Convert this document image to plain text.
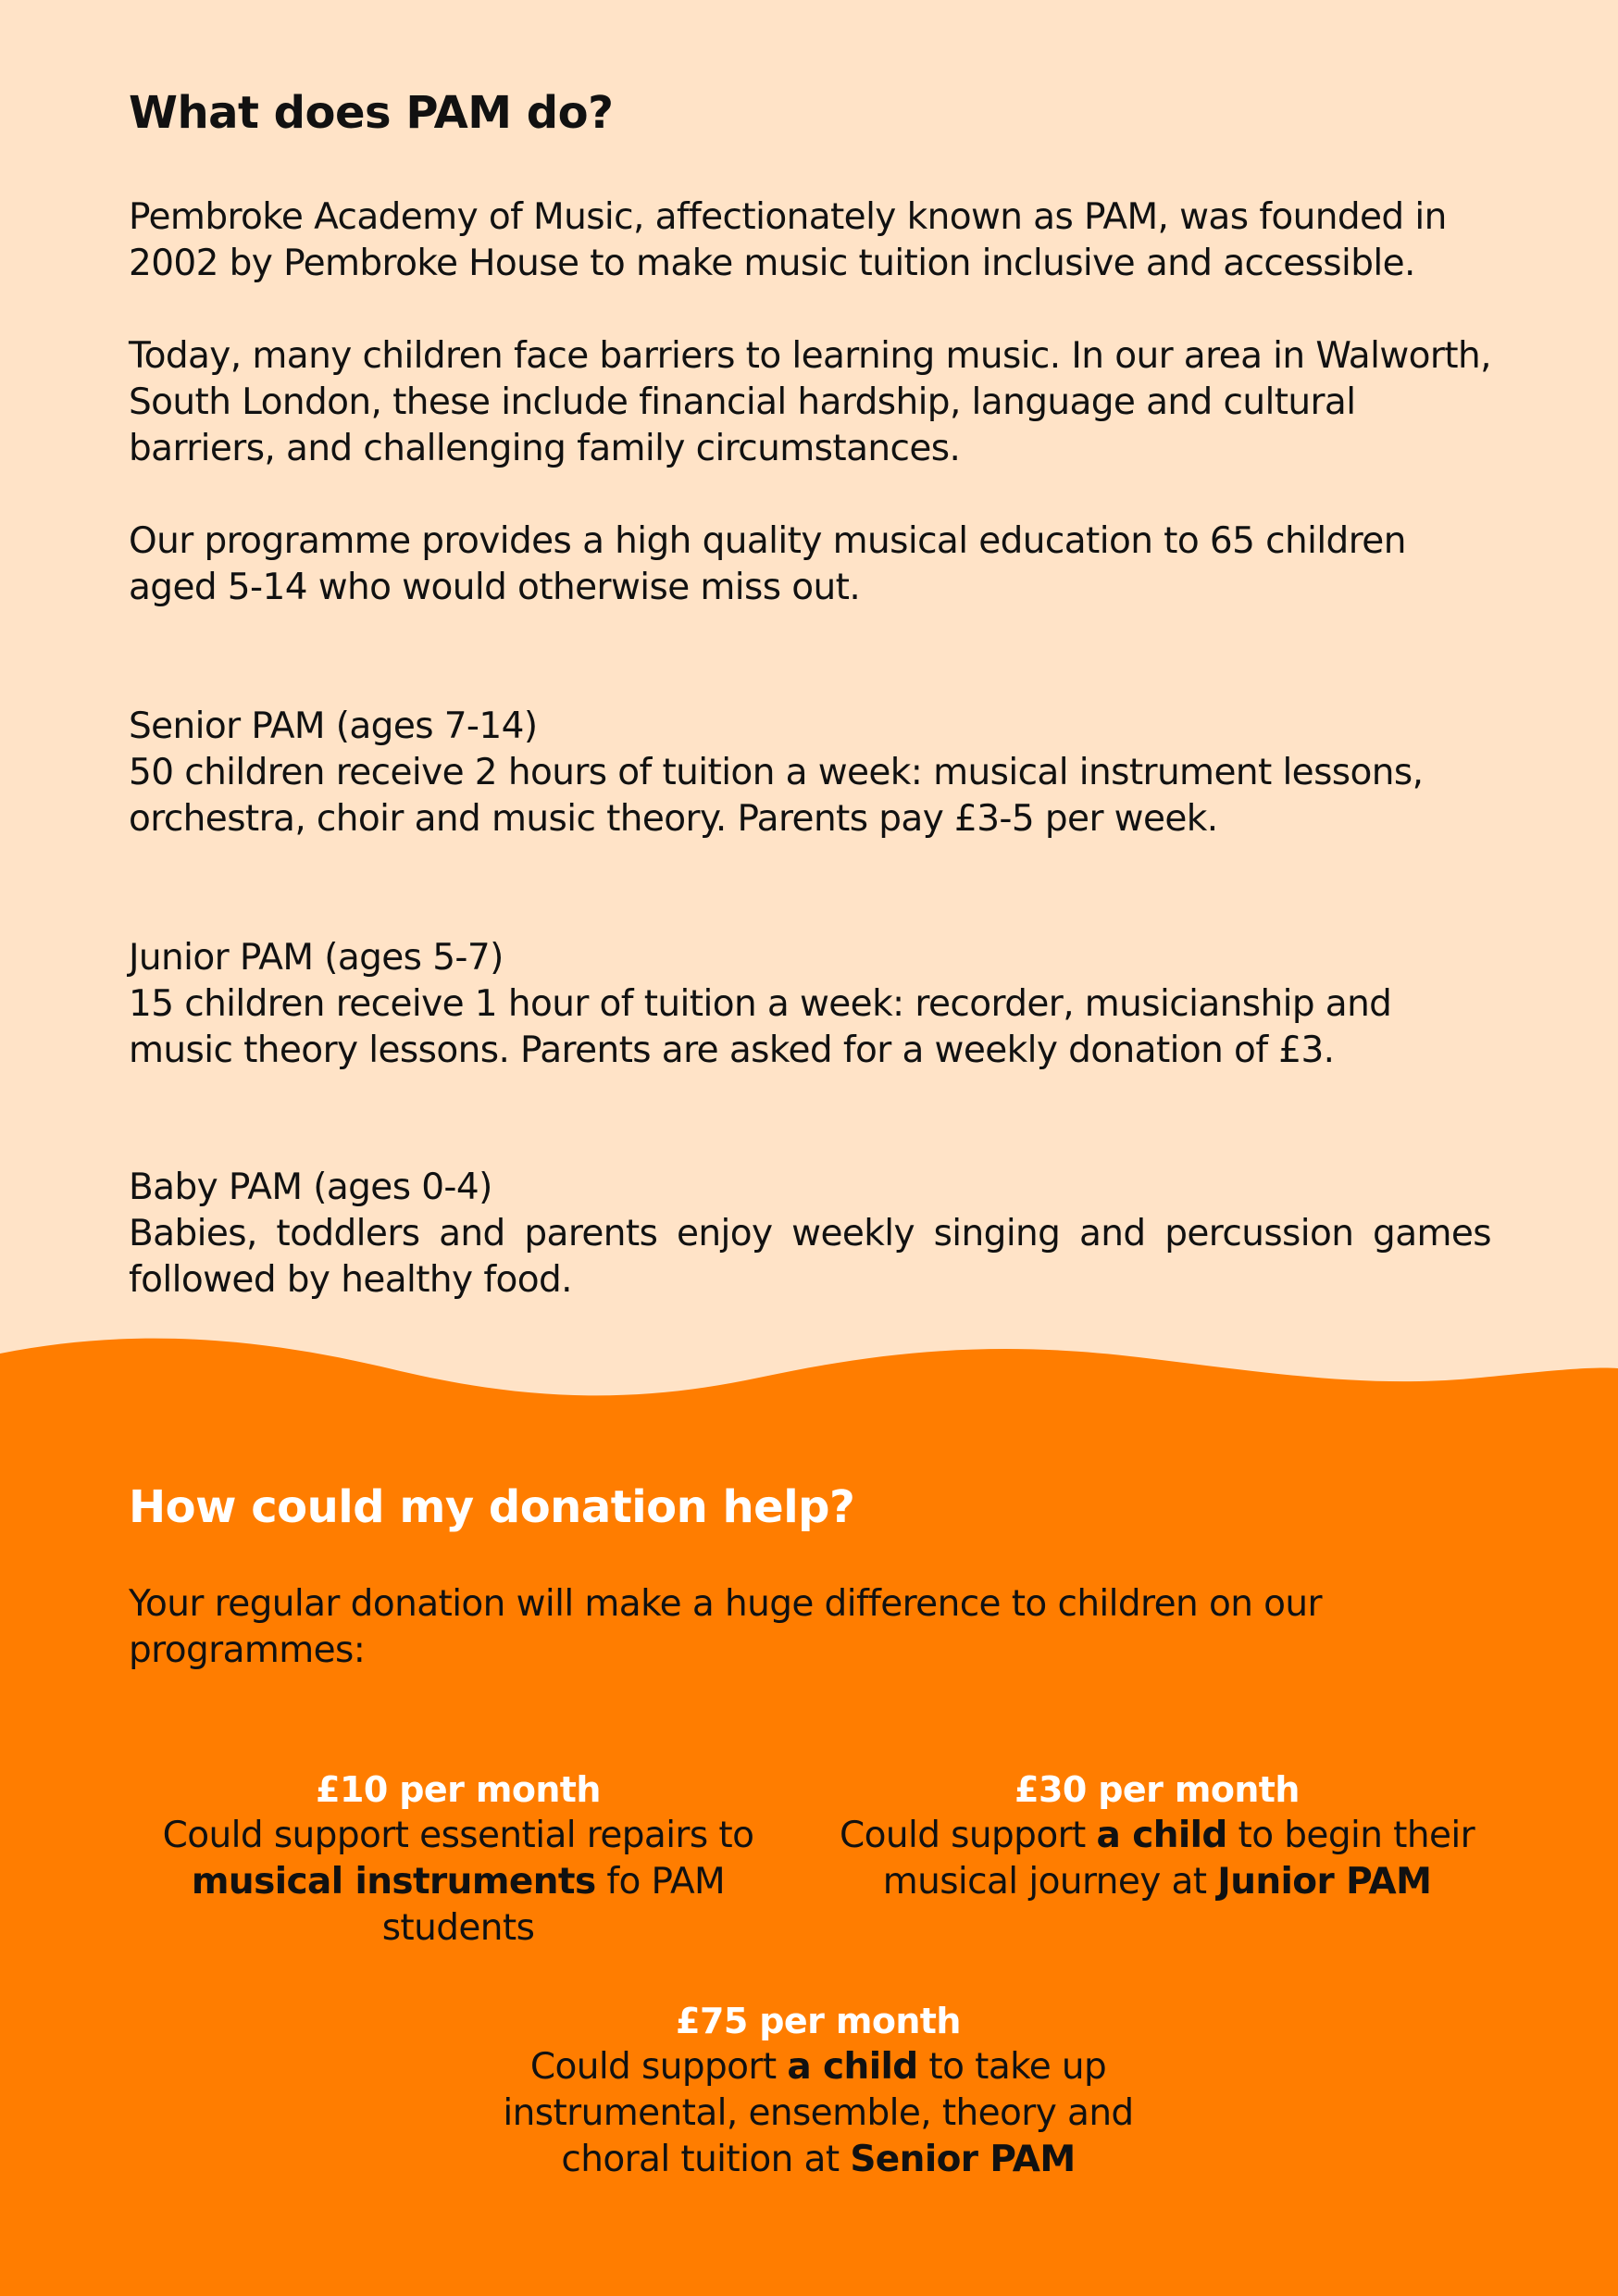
What does PAM do?

Pembroke Academy of Music, affectionately known as PAM, was founded in 2002 by Pembroke House to make music tuition inclusive and accessible.

Today, many children face barriers to learning music. In our area in Walworth, South London, these include financial hardship, language and cultural barriers, and challenging family circumstances.

Our programme provides a high quality musical education to 65 children aged 5-14 who would otherwise miss out.

Senior PAM (ages 7-14)

50 children receive 2 hours of tuition a week: musical instrument lessons, orchestra, choir and music theory. Parents pay £3-5 per week.

Junior PAM (ages 5-7)

15 children receive 1 hour of tuition a week: recorder, musicianship and music theory lessons. Parents are asked for a weekly donation of £3.

Baby PAM (ages 0-4)

Babies, toddlers and parents enjoy weekly singing and percussion games followed by healthy food.

How could my donation help?

Your regular donation will make a huge difference to children on our programmes:

£10 per month
Could support essential repairs to musical instruments fo PAM students
£30 per month
Could support a child to begin their musical journey at Junior PAM
£75 per month
Could support a child to take up instrumental, ensemble, theory and choral tuition at Senior PAM
